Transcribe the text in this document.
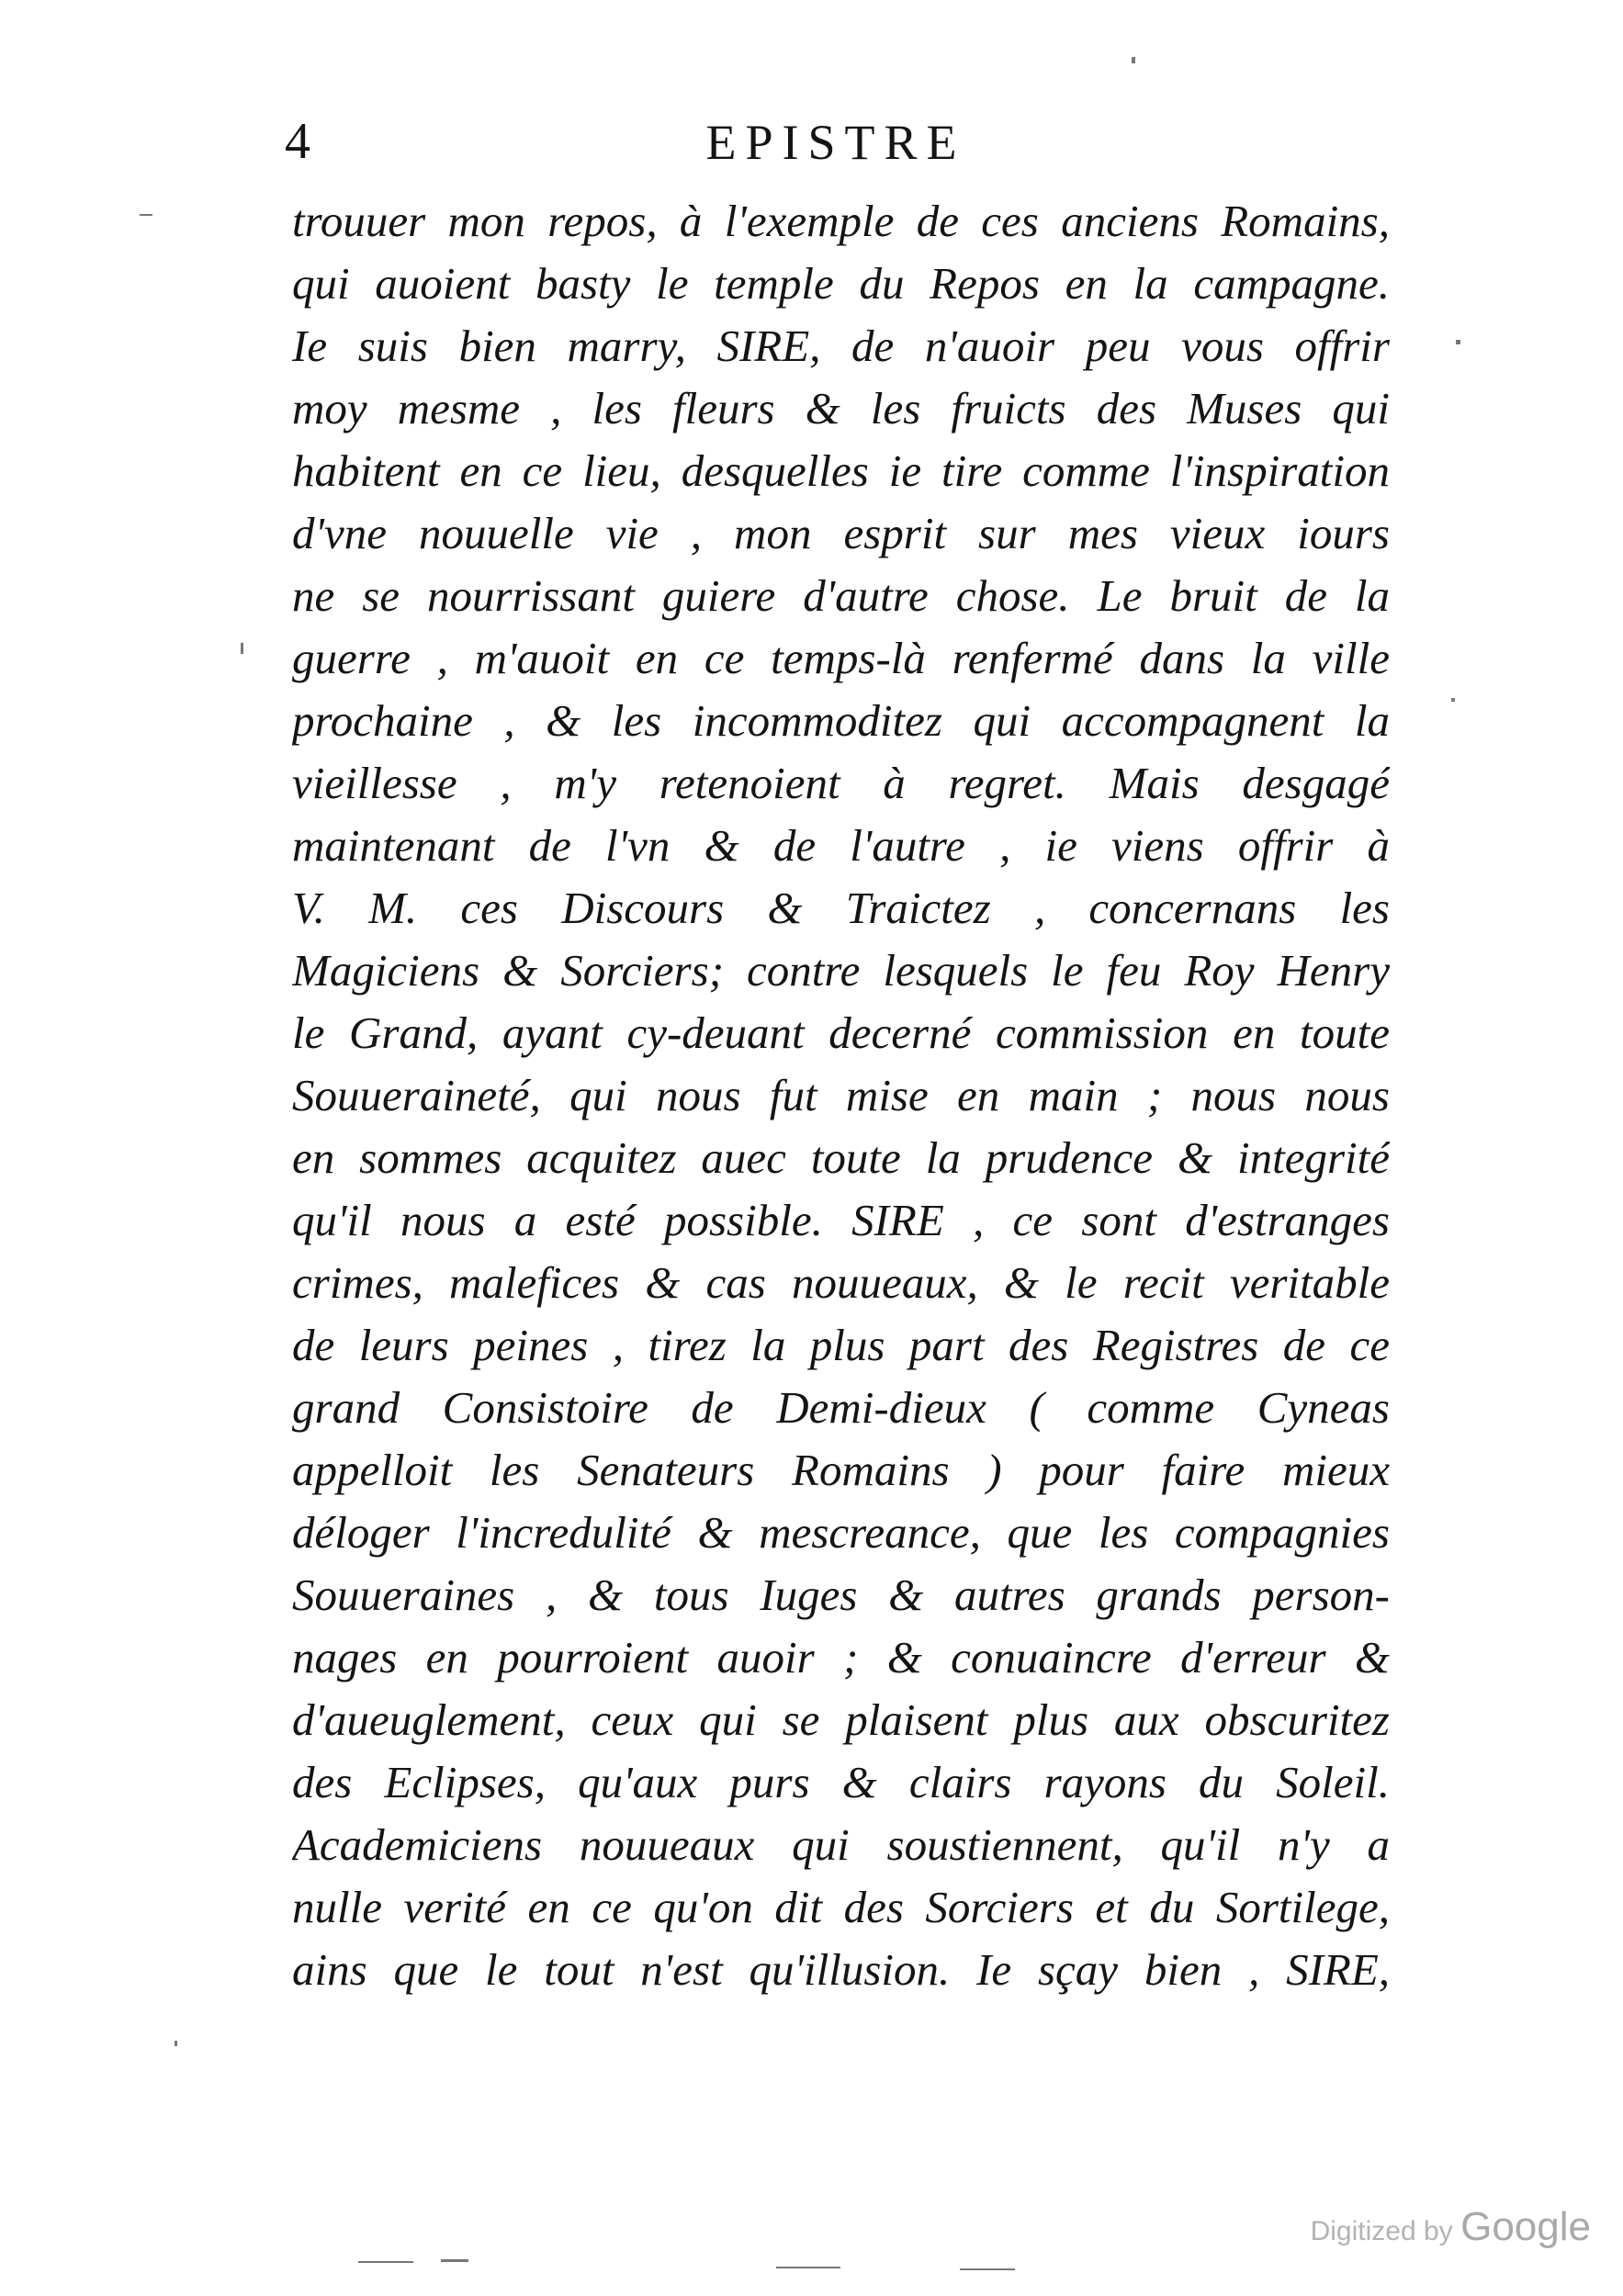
4	EPISTRE
trouuer mon repos, à l'exemple de ces anciens Romains,
qui auoient basty le temple du Repos en la campagne.
Ie suis bien marry, SIRE, de n'auoir peu vous offrir
moy mesme , les fleurs & les fruicts des Muses qui
habitent en ce lieu, desquelles ie tire comme l'inspiration
d'vne nouuelle vie , mon esprit sur mes vieux iours
ne se nourrissant guiere d'autre chose. Le bruit de la
guerre , m'auoit en ce temps-là renfermé dans la ville
prochaine , & les incommoditez qui accompagnent la
vieillesse , m'y retenoient à regret. Mais desgagé
maintenant de l'vn & de l'autre , ie viens offrir à
V. M. ces Discours & Traictez , concernans les
Magiciens & Sorciers; contre lesquels le feu Roy Henry
le Grand, ayant cy-deuant decerné commission en toute
Souueraineté, qui nous fut mise en main ; nous nous
en sommes acquitez auec toute la prudence & integrité
qu'il nous a esté possible. SIRE , ce sont d'estranges
crimes, malefices & cas nouueaux, & le recit veritable
de leurs peines , tirez la plus part des Registres de ce
grand Consistoire de Demi-dieux ( comme Cyneas
appelloit les Senateurs Romains ) pour faire mieux
déloger l'incredulité & mescreance, que les compagnies
Souueraines , & tous Iuges & autres grands person-
nages en pourroient auoir ; & conuaincre d'erreur &
d'aueuglement, ceux qui se plaisent plus aux obscuritez
des Eclipses, qu'aux purs & clairs rayons du Soleil.
Academiciens nouueaux qui soustiennent, qu'il n'y a
nulle verité en ce qu'on dit des Sorciers et du Sortilege,
ains que le tout n'est qu'illusion. Ie sçay bien , SIRE,
Digitized by Google
